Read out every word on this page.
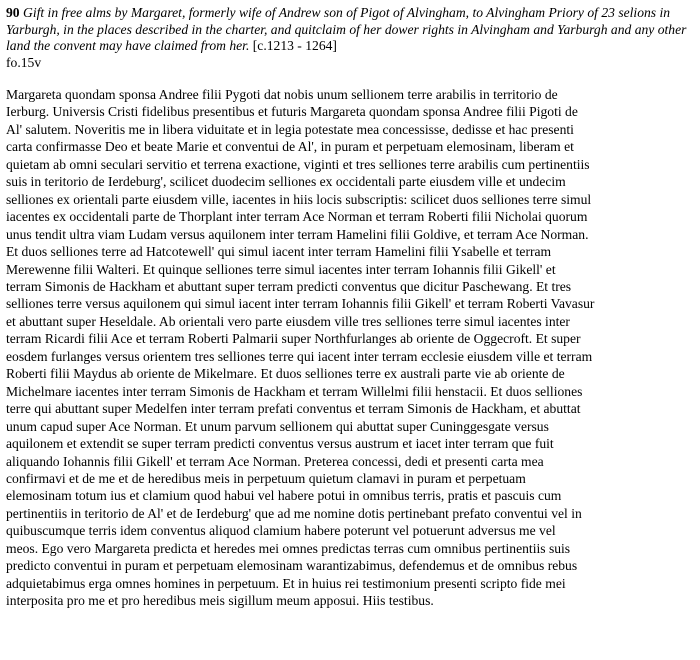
90 Gift in free alms by Margaret, formerly wife of Andrew son of Pigot of Alvingham, to Alvingham Priory of 23 selions in Yarburgh, in the places described in the charter, and quitclaim of her dower rights in Alvingham and Yarburgh and any other land the convent may have claimed from her. [c.1213 - 1264]

fo.15v

Margareta quondam sponsa Andree filii Pygoti dat nobis unum sellionem terre arabilis in territorio de
Ierburg. Universis Cristi fidelibus presentibus et futuris Margareta quondam sponsa Andree filii Pigoti de
Al' salutem. Noveritis me in libera viduitate et in legia potestate mea concessisse, dedisse et hac presenti
carta confirmasse Deo et beate Marie et conventui de Al', in puram et perpetuam elemosinam, liberam et
quietam ab omni seculari servitio et terrena exactione, viginti et tres selliones terre arabilis cum pertinentiis
suis in teritorio de Ierdeburg', scilicet duodecim selliones ex occidentali parte eiusdem ville et undecim
selliones ex orientali parte eiusdem ville, iacentes in hiis locis subscriptis: scilicet duos selliones terre simul
iacentes ex occidentali parte de Thorplant inter terram Ace Norman et terram Roberti filii Nicholai quorum
unus tendit ultra viam Ludam versus aquilonem inter terram Hamelini filii Goldive, et terram Ace Norman.
Et duos selliones terre ad Hatcotewell' qui simul iacent inter terram Hamelini filii Ysabelle et terram
Merewenne filii Walteri. Et quinque selliones terre simul iacentes inter terram Iohannis filii Gikell' et
terram Simonis de Hackham et abuttant super terram predicti conventus que dicitur Paschewang. Et tres
selliones terre versus aquilonem qui simul iacent inter terram Iohannis filii Gikell' et terram Roberti Vavasur
et abuttant super Heseldale. Ab orientali vero parte eiusdem ville tres selliones terre simul iacentes inter
terram Ricardi filii Ace et terram Roberti Palmarii super Northfurlanges ab oriente de Oggecroft. Et super
eosdem furlanges versus orientem tres selliones terre qui iacent inter terram ecclesie eiusdem ville et terram
Roberti filii Maydus ab oriente de Mikelmare. Et duos selliones terre ex australi parte vie ab oriente de
Michelmare iacentes inter terram Simonis de Hackham et terram Willelmi filii henstacii. Et duos selliones
terre qui abuttant super Medelfen inter terram prefati conventus et terram Simonis de Hackham, et abuttat
unum capud super Ace Norman. Et unum parvum sellionem qui abuttat super Cuninggesgate versus
aquilonem et extendit se super terram predicti conventus versus austrum et iacet inter terram que fuit
aliquando Iohannis filii Gikell' et terram Ace Norman. Preterea concessi, dedi et presenti carta mea
confirmavi et de me et de heredibus meis in perpetuum quietum clamavi in puram et perpetuam
elemosinam totum ius et clamium quod habui vel habere potui in omnibus terris, pratis et pascuis cum
pertinentiis in teritorio de Al' et de Ierdeburg' que ad me nomine dotis pertinebant prefato conventui vel in
quibuscumque terris idem conventus aliquod clamium habere poterunt vel potuerunt adversus me vel
meos. Ego vero Margareta predicta et heredes mei omnes predictas terras cum omnibus pertinentiis suis
predicto conventui in puram et perpetuam elemosinam warantizabimus, defendemus et de omnibus rebus
adquietabimus erga omnes homines in perpetuum. Et in huius rei testimonium presenti scripto fide mei
interposita pro me et pro heredibus meis sigillum meum apposui. Hiis testibus.
